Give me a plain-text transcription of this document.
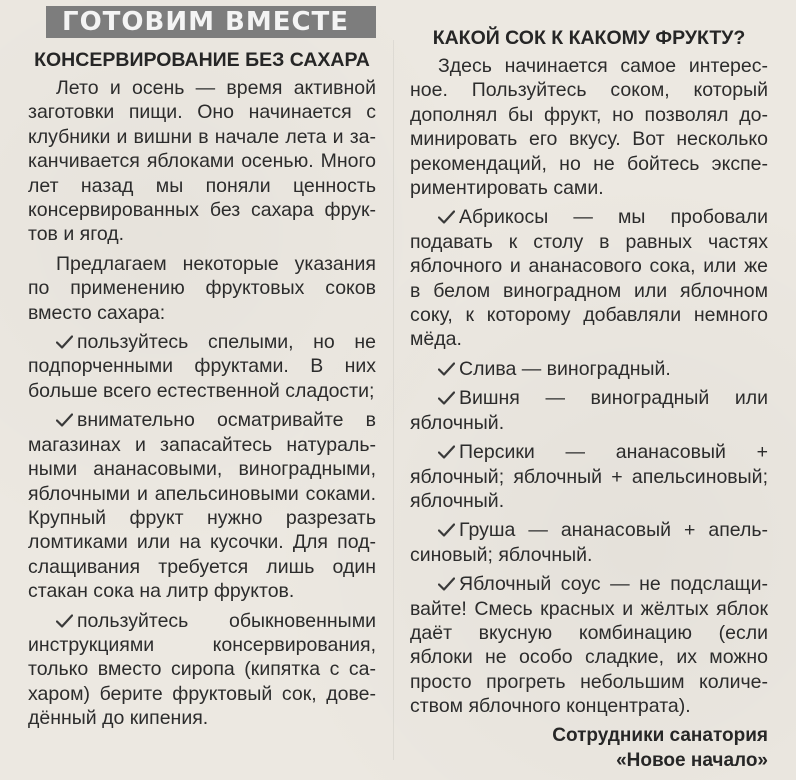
ГОТОВИМ ВМЕСТЕ
КОНСЕРВИРОВАНИЕ БЕЗ САХАРА

Лето и осень — время активной заготовки пищи. Оно начинается с клубники и вишни в начале лета и заканчивается яблоками осенью. Много лет назад мы поняли ценность консервированных без сахара фруктов и ягод.

Предлагаем некоторые указания по применению фруктовых соков вместо сахара:

пользуйтесь спелыми, но не подпорченными фруктами. В них больше всего естественной сладости;

внимательно осматривайте в магазинах и запасайтесь натуральными ананасовыми, виноградными, яблочными и апельсиновыми соками. Крупный фрукт нужно разрезать ломтиками или на кусочки. Для подслащивания требуется лишь один стакан сока на литр фруктов.

пользуйтесь обыкновенными инструкциями консервирования, только вместо сиропа (кипятка с сахаром) берите фруктовый сок, доведённый до кипения.

КАКОЙ СОК К КАКОМУ ФРУКТУ?

Здесь начинается самое интересное. Пользуйтесь соком, который дополнял бы фрукт, но позволял доминировать его вкусу. Вот несколько рекомендаций, но не бойтесь экспериментировать сами.

Абрикосы — мы пробовали подавать к столу в равных частях яблочного и ананасового сока, или же в белом виноградном или яблочном соку, к которому добавляли немного мёда.

Слива — виноградный.

Вишня — виноградный или яблочный.

Персики — ананасовый + яблочный; яблочный + апельсиновый; яблочный.

Груша — ананасовый + апельсиновый; яблочный.

Яблочный соус — не подслащивайте! Смесь красных и жёлтых яблок даёт вкусную комбинацию (если яблоки не особо сладкие, их можно просто прогреть небольшим количеством яблочного концентрата).

Сотрудники санатория
«Новое начало»
